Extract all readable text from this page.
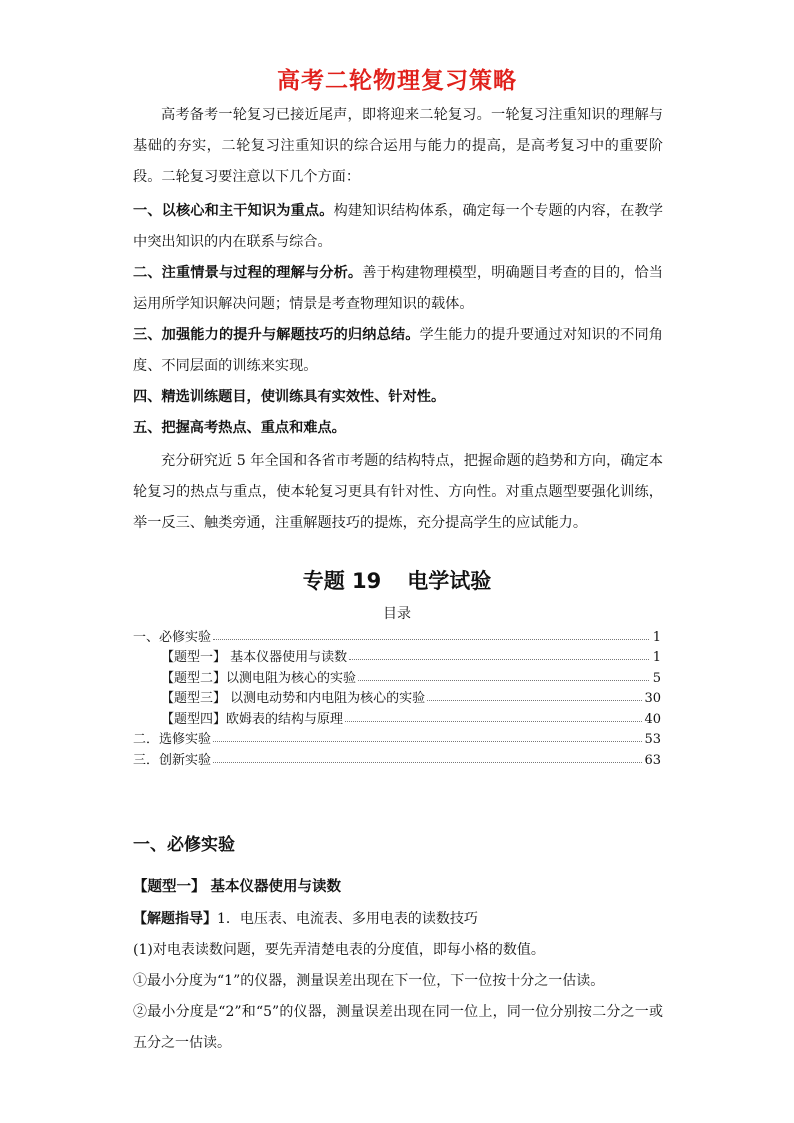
高考二轮物理复习策略
高考备考一轮复习已接近尾声，即将迎来二轮复习。一轮复习注重知识的理解与基础的夯实，二轮复习注重知识的综合运用与能力的提高，是高考复习中的重要阶段。二轮复习要注意以下几个方面：
一、以核心和主干知识为重点。构建知识结构体系，确定每一个专题的内容，在教学中突出知识的内在联系与综合。
二、注重情景与过程的理解与分析。善于构建物理模型，明确题目考查的目的，恰当运用所学知识解决问题；情景是考查物理知识的载体。
三、加强能力的提升与解题技巧的归纳总结。学生能力的提升要通过对知识的不同角度、不同层面的训练来实现。
四、精选训练题目，使训练具有实效性、针对性。
五、把握高考热点、重点和难点。
充分研究近 5 年全国和各省市考题的结构特点，把握命题的趋势和方向，确定本轮复习的热点与重点，使本轮复习更具有针对性、方向性。对重点题型要强化训练，举一反三、触类旁通，注重解题技巧的提炼，充分提高学生的应试能力。
专题 19 电学试验
目录
一、必修实验	1
【题型一】 基本仪器使用与读数	1
【题型二】以测电阻为核心的实验	5
【题型三】 以测电动势和内电阻为核心的实验	30
【题型四】欧姆表的结构与原理	40
二．选修实验	53
三．创新实验	63
一、必修实验
【题型一】 基本仪器使用与读数
【解题指导】1．电压表、电流表、多用电表的读数技巧
(1)对电表读数问题，要先弄清楚电表的分度值，即每小格的数值。
①最小分度为“1”的仪器，测量误差出现在下一位，下一位按十分之一估读。
②最小分度是“2”和“5”的仪器，测量误差出现在同一位上，同一位分别按二分之一或五分之一估读。
